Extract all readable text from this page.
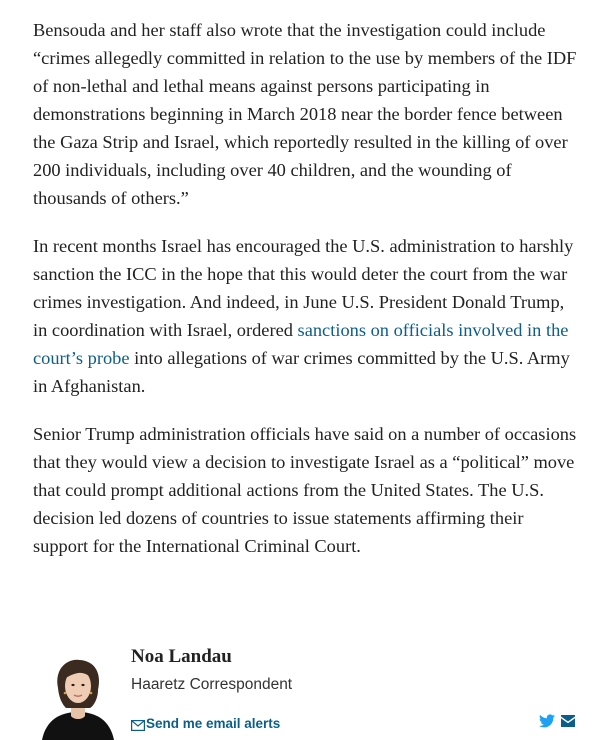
Bensouda and her staff also wrote that the investigation could include “crimes allegedly committed in relation to the use by members of the IDF of non-lethal and lethal means against persons participating in demonstrations beginning in March 2018 near the border fence between the Gaza Strip and Israel, which reportedly resulted in the killing of over 200 individuals, including over 40 children, and the wounding of thousands of others.”

In recent months Israel has encouraged the U.S. administration to harshly sanction the ICC in the hope that this would deter the court from the war crimes investigation. And indeed, in June U.S. President Donald Trump, in coordination with Israel, ordered sanctions on officials involved in the court’s probe into allegations of war crimes committed by the U.S. Army in Afghanistan.

Senior Trump administration officials have said on a number of occasions that they would view a decision to investigate Israel as a “political” move that could prompt additional actions from the United States. The U.S. decision led dozens of countries to issue statements affirming their support for the International Criminal Court.

Noa Landau
Haaretz Correspondent
Send me email alerts
